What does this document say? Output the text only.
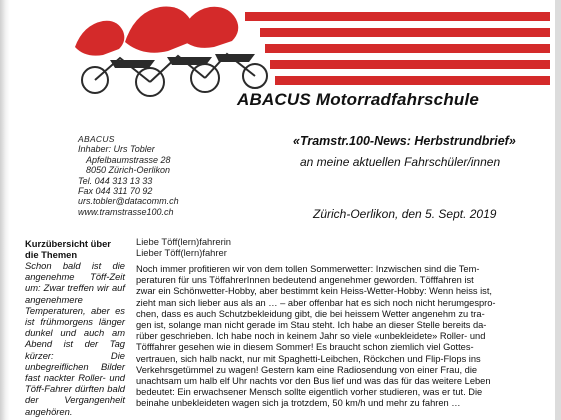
ABACUS Motorradfahrschule
ABACUS
Inhaber: Urs Tobler
Apfelbaumstrasse 28
8050 Zürich-Oerlikon
Tel. 044 313 13 33
Fax 044 311 70 92
urs.tobler@datacomm.ch
www.tramstrasse100.ch
«Tramstr.100-News: Herbstrundbrief»
an meine aktuellen Fahrschüler/innen
Zürich-Oerlikon, den 5. Sept. 2019
Kurzübersicht über die Themen

Schon bald ist die angenehme Töff-Zeit um: Zwar treffen wir auf angenehmere Temperaturen, aber es ist frühmorgens länger dunkel und auch am Abend ist der Tag kürzer: Die unbegreiflichen Bilder fast nackter Roller- und Töff-Fahrer dürften bald der Vergangenheit angehören.

Liebe Töff(lern)fahrerin
Lieber Töff(lern)fahrer
Noch immer profitieren wir von dem tollen Sommerwetter: Inzwischen sind die Tem-
peraturen für uns TöffahrerInnen bedeutend angenehmer geworden. Töfffahren ist
zwar ein Schönwetter-Hobby, aber bestimmt kein Heiss-Wetter-Hobby: Wenn heiss ist,
zieht man sich lieber aus als an … – aber offenbar hat es sich noch nicht herumgespro-
chen, dass es auch Schutzbekleidung gibt, die bei heissem Wetter angenehm zu tra-
gen ist, solange man nicht gerade im Stau steht. Ich habe an dieser Stelle bereits da-
rüber geschrieben. Ich habe noch in keinem Jahr so viele «unbekleidete» Roller- und
Töfffahrer gesehen wie in diesem Sommer! Es braucht schon ziemlich viel Gottes-
vertrauen, sich halb nackt, nur mit Spaghetti-Leibchen, Röckchen und Flip-Flops ins
Verkehrsgetümmel zu wagen! Gestern kam eine Radiosendung von einer Frau, die
unachtsam um halb elf Uhr nachts vor den Bus lief und was das für das weitere Leben
bedeutet: Ein erwachsener Mensch sollte eigentlich vorher studieren, was er tut. Die
beinahe unbekleideten wagen sich ja trotzdem, 50 km/h und mehr zu fahren …
